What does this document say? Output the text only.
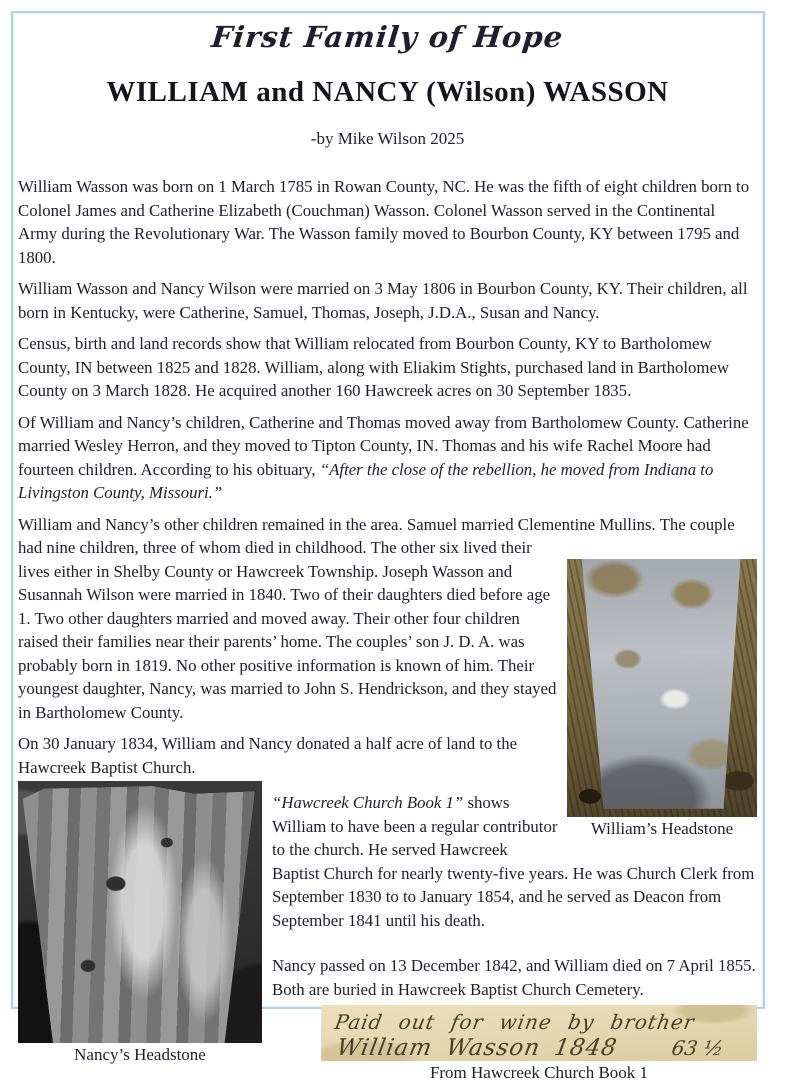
First Family of Hope
WILLIAM and NANCY (Wilson) WASSON
-by Mike Wilson 2025

William Wasson was born on 1 March 1785 in Rowan County, NC. He was the fifth of eight children born to Colonel James and Catherine Elizabeth (Couchman) Wasson. Colonel Wasson served in the Continental Army during the Revolutionary War. The Wasson family moved to Bourbon County, KY between 1795 and 1800.

William Wasson and Nancy Wilson were married on 3 May 1806 in Bourbon County, KY. Their children, all born in Kentucky, were Catherine, Samuel, Thomas, Joseph, J.D.A., Susan and Nancy.

Census, birth and land records show that William relocated from Bourbon County, KY to Bartholomew County, IN between 1825 and 1828. William, along with Eliakim Stights, purchased land in Bartholomew County on 3 March 1828. He acquired another 160 Hawcreek acres on 30 September 1835.

Of William and Nancy’s children, Catherine and Thomas moved away from Bartholomew County. Catherine married Wesley Herron, and they moved to Tipton County, IN. Thomas and his wife Rachel Moore had fourteen children. According to his obituary, “After the close of the rebellion, he moved from Indiana to Livingston County, Missouri.”

William’s Headstone
William and Nancy’s other children remained in the area. Samuel married Clementine Mullins. The couple had nine children, three of whom died in childhood. The other six lived their lives either in Shelby County or Hawcreek Township. Joseph Wasson and Susannah Wilson were married in 1840. Two of their daughters died before age 1. Two other daughters married and moved away. Their other four children raised their families near their parents’ home. The couples’ son J. D. A. was probably born in 1819. No other positive information is known of him. Their youngest daughter, Nancy, was married to John S. Hendrickson, and they stayed in Bartholomew County.

On 30 January 1834, William and Nancy donated a half acre of land to the Hawcreek Baptist Church.

Nancy’s Headstone

“Hawcreek Church Book 1” shows William to have been a regular contributor to the church. He served Hawcreek Baptist Church for nearly twenty-five years. He was Church Clerk from September 1830 to to January 1854, and he served as Deacon from September 1841 until his death.

Nancy passed on 13 December 1842, and William died on 7 April 1855. Both are buried in Hawcreek Baptist Church Cemetery.

Paid out for wine by brother
William Wasson 1848	63 ½
From Hawcreek Church Book 1
